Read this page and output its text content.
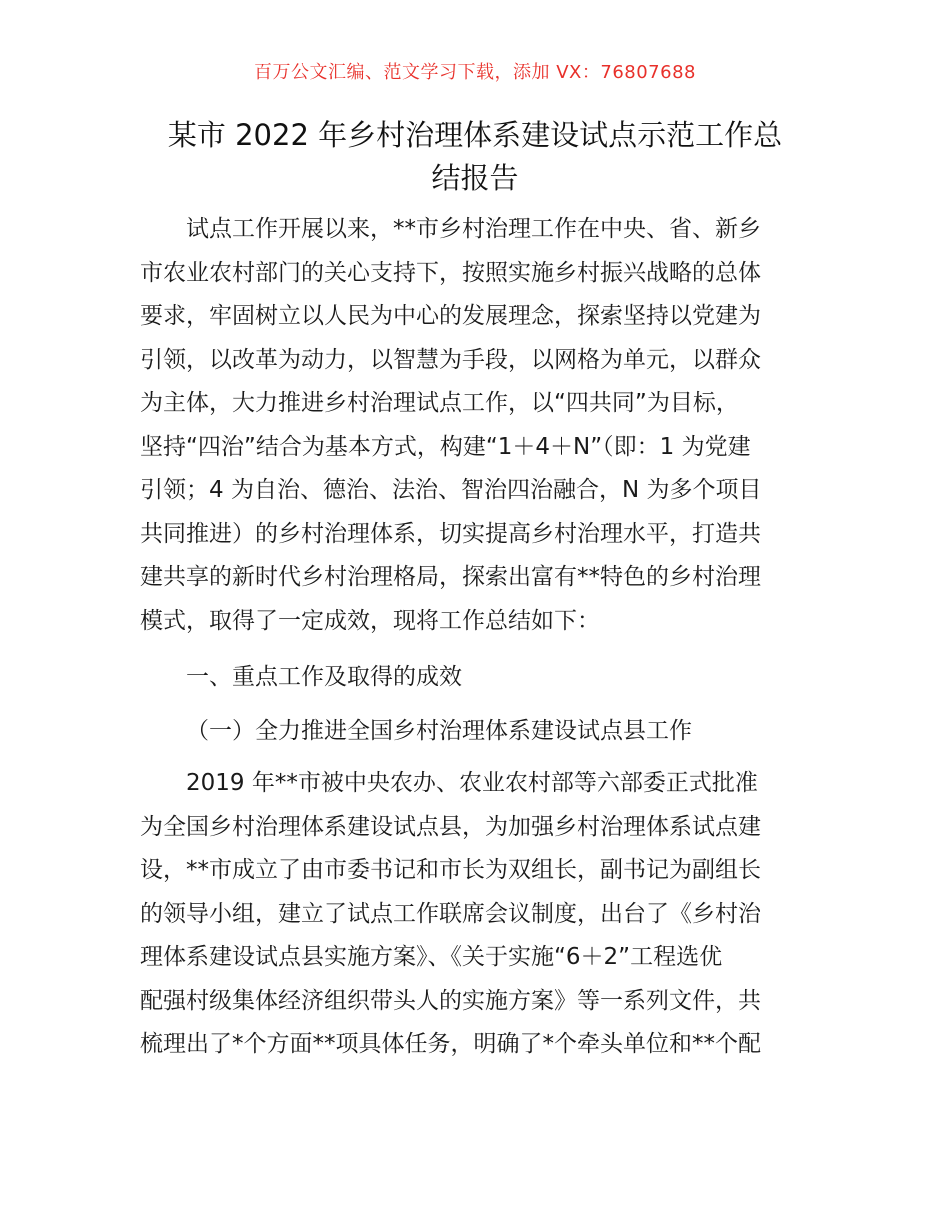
百万公文汇编、范文学习下载，添加 VX：76807688
某市 2022 年乡村治理体系建设试点示范工作总
结报告
试点工作开展以来，**市乡村治理工作在中央、省、新乡
市农业农村部门的关心支持下，按照实施乡村振兴战略的总体
要求，牢固树立以人民为中心的发展理念，探索坚持以党建为
引领，以改革为动力，以智慧为手段，以网格为单元，以群众
为主体，大力推进乡村治理试点工作，以“四共同”为目标，
坚持“四治”结合为基本方式，构建“1＋4＋N”（即：1 为党建
引领；4 为自治、德治、法治、智治四治融合，N 为多个项目
共同推进）的乡村治理体系，切实提高乡村治理水平，打造共
建共享的新时代乡村治理格局，探索出富有**特色的乡村治理
模式，取得了一定成效，现将工作总结如下：
一、重点工作及取得的成效
（一）全力推进全国乡村治理体系建设试点县工作
2019 年**市被中央农办、农业农村部等六部委正式批准
为全国乡村治理体系建设试点县，为加强乡村治理体系试点建
设，**市成立了由市委书记和市长为双组长，副书记为副组长
的领导小组，建立了试点工作联席会议制度，出台了《乡村治
理体系建设试点县实施方案》、《关于实施“6＋2”工程选优
配强村级集体经济组织带头人的实施方案》等一系列文件，共
梳理出了*个方面**项具体任务，明确了*个牵头单位和**个配
